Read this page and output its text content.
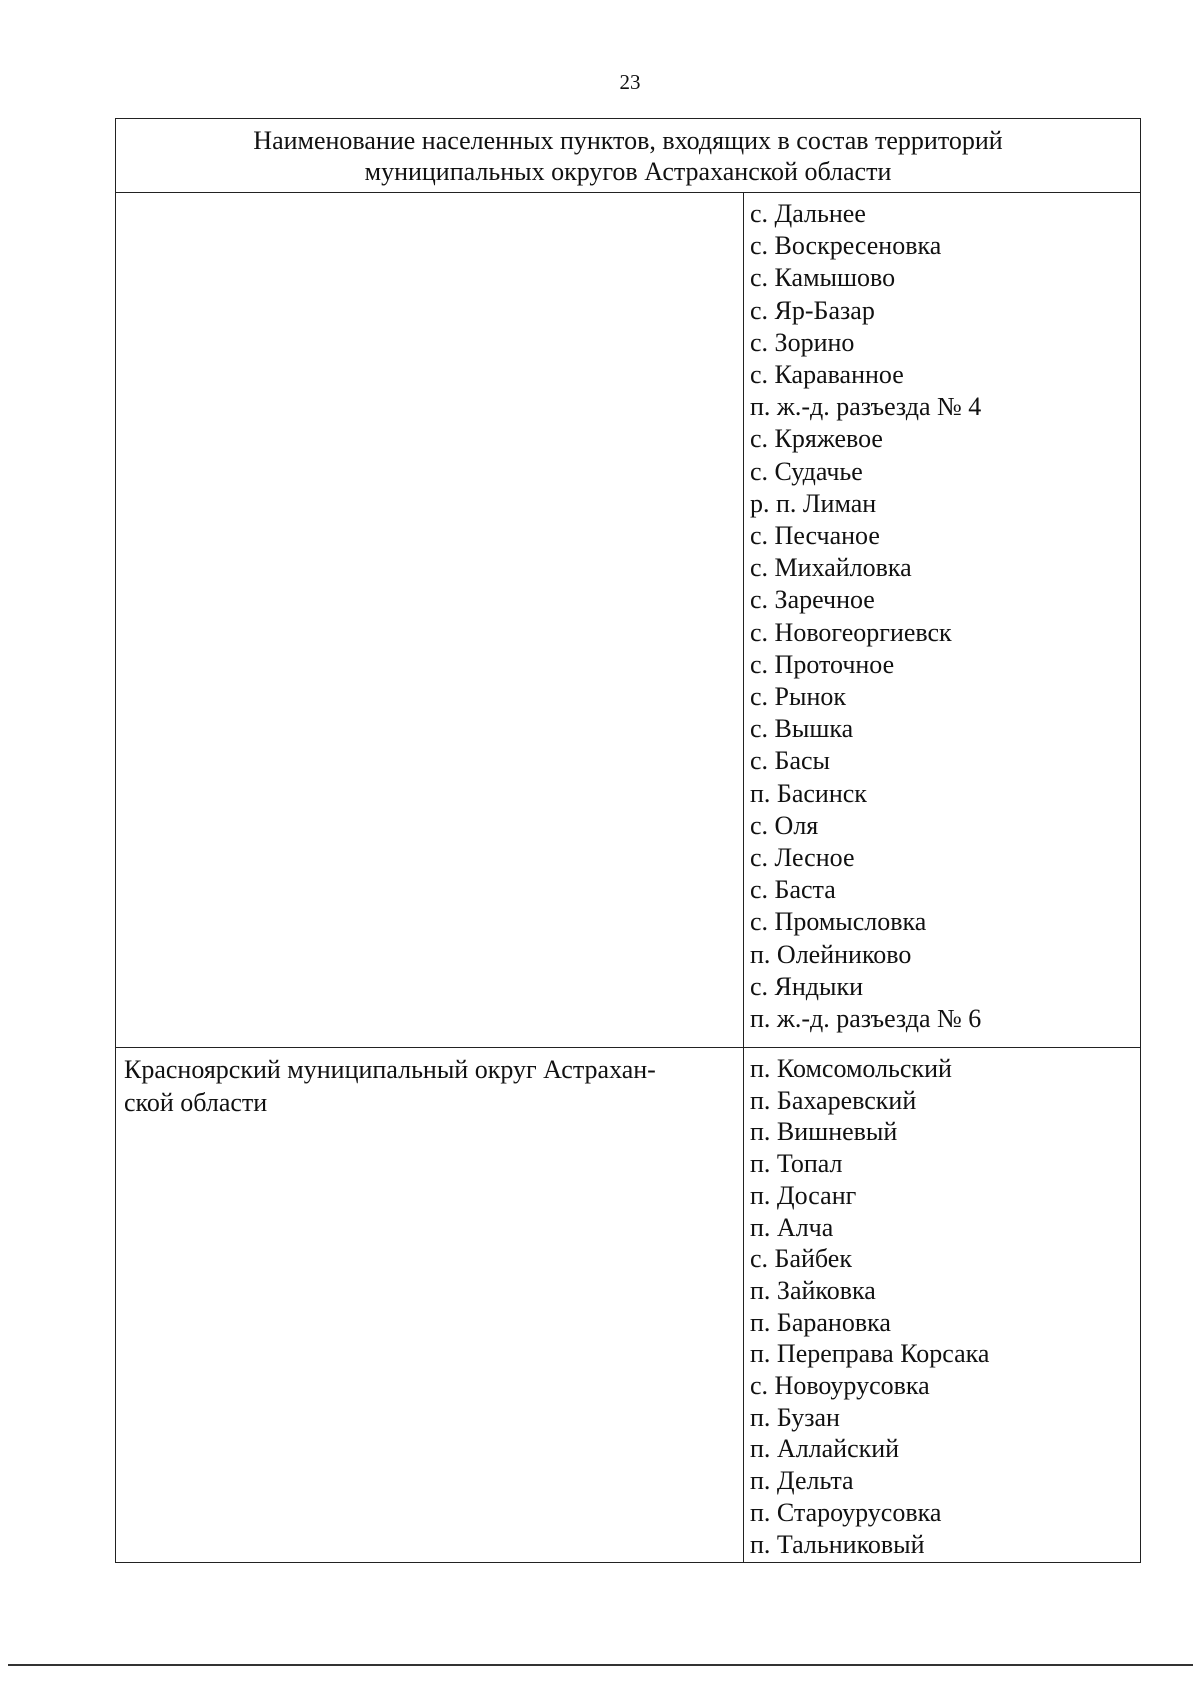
23
Наименование населенных пунктов, входящих в состав территорий
муниципальных округов Астраханской области
с. Дальнее
с. Воскресеновка
с. Камышово
с. Яр-Базар
с. Зорино
с. Караванное
п. ж.-д. разъезда № 4
с. Кряжевое
с. Судачье
р. п. Лиман
с. Песчаное
с. Михайловка
с. Заречное
с. Новогеоргиевск
с. Проточное
с. Рынок
с. Вышка
с. Басы
п. Басинск
с. Оля
с. Лесное
с. Баста
с. Промысловка
п. Олейниково
с. Яндыки
п. ж.-д. разъезда № 6
Красноярский муниципальный округ Астрахан-
ской области
п. Комсомольский
п. Бахаревский
п. Вишневый
п. Топал
п. Досанг
п. Алча
с. Байбек
п. Зайковка
п. Барановка
п. Переправа Корсака
с. Новоурусовка
п. Бузан
п. Аллайский
п. Дельта
п. Староурусовка
п. Тальниковый
